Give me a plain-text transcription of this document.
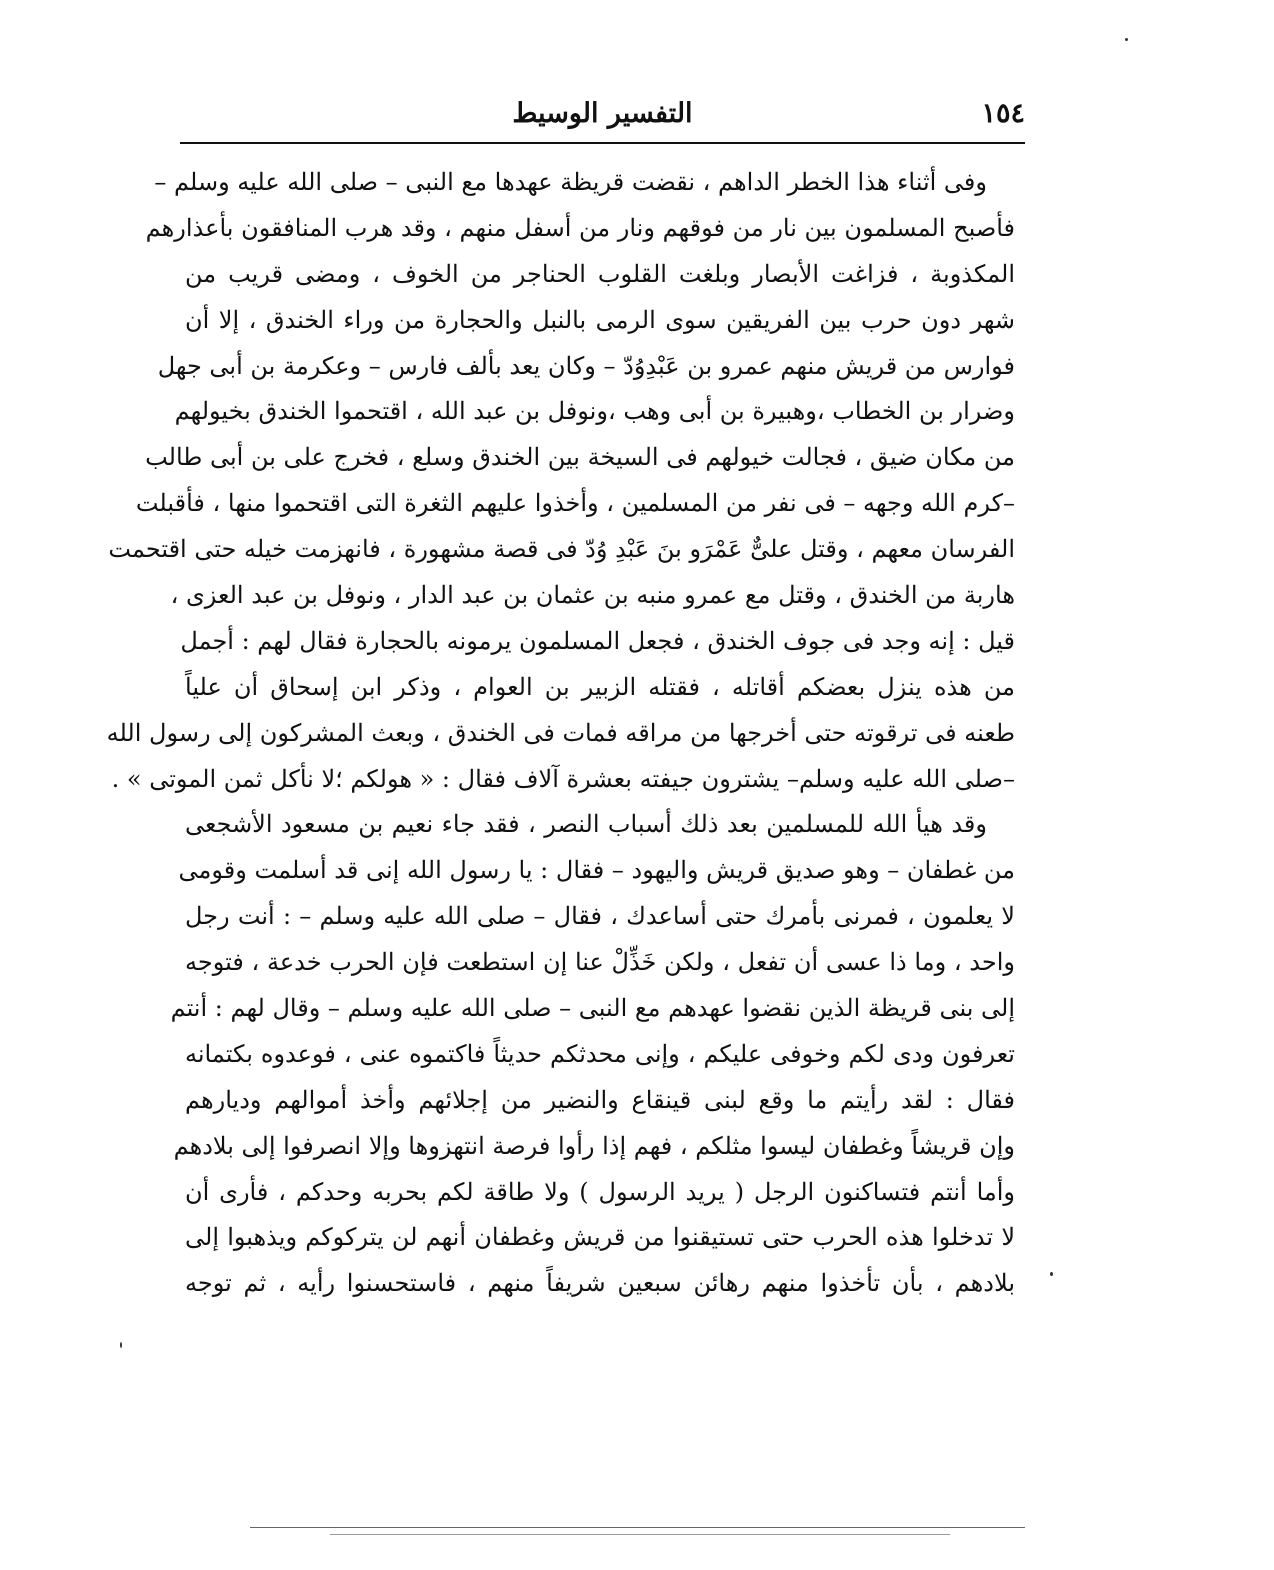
١٥٤
التفسير الوسيط
وفى أثناء هذا الخطر الداهم ، نقضت قريظة عهدها مع النبى – صلى الله عليه وسلم –
فأصبح المسلمون بين نار من فوقهم ونار من أسفل منهم ، وقد هرب المنافقون بأعذارهم
المكذوبة ، فزاغت الأبصار وبلغت القلوب الحناجر من الخوف ، ومضى قريب من
شهر دون حرب بين الفريقين سوى الرمى بالنبل والحجارة من وراء الخندق ، إلا أن
فوارس من قريش منهم عمرو بن عَبْدِوُدّ – وكان يعد بألف فارس – وعكرمة بن أبى جهل
وضرار بن الخطاب ،وهبيرة بن أبى وهب ،ونوفل بن عبد الله ، اقتحموا الخندق بخيولهم
من مكان ضيق ، فجالت خيولهم فى السيخة بين الخندق وسلع ، فخرج على بن أبى طالب
–كرم الله وجهه – فى نفر من المسلمين ، وأخذوا عليهم الثغرة التى اقتحموا منها ، فأقبلت
الفرسان معهم ، وقتل علىٌّ عَمْرَو بنَ عَبْدِ وُدّ فى قصة مشهورة ، فانهزمت خيله حتى اقتحمت
هاربة من الخندق ، وقتل مع عمرو منبه بن عثمان بن عبد الدار ، ونوفل بن عبد العزى ،
قيل : إنه وجد فى جوف الخندق ، فجعل المسلمون يرمونه بالحجارة فقال لهم : أجمل
من هذه ينزل بعضكم أقاتله ، فقتله الزبير بن العوام ، وذكر ابن إسحاق أن علياً
طعنه فى ترقوته حتى أخرجها من مراقه فمات فى الخندق ، وبعث المشركون إلى رسول الله
–صلى الله عليه وسلم– يشترون جيفته بعشرة آلاف فقال : « هولكم ؛لا نأكل ثمن الموتى » .
وقد هيأ الله للمسلمين بعد ذلك أسباب النصر ، فقد جاء نعيم بن مسعود الأشجعى
من غطفان – وهو صديق قريش واليهود – فقال : يا رسول الله إنى قد أسلمت وقومى
لا يعلمون ، فمرنى بأمرك حتى أساعدك ، فقال – صلى الله عليه وسلم – : أنت رجل
واحد ، وما ذا عسى أن تفعل ، ولكن خَذِّلْ عنا إن استطعت فإن الحرب خدعة ، فتوجه
إلى بنى قريظة الذين نقضوا عهدهم مع النبى – صلى الله عليه وسلم – وقال لهم : أنتم
تعرفون ودى لكم وخوفى عليكم ، وإنى محدثكم حديثاً فاكتموه عنى ، فوعدوه بكتمانه
فقال : لقد رأيتم ما وقع لبنى قينقاع والنضير من إجلائهم وأخذ أموالهم وديارهم
وإن قريشاً وغطفان ليسوا مثلكم ، فهم إذا رأوا فرصة انتهزوها وإلا انصرفوا إلى بلادهم
وأما أنتم فتساكنون الرجل ( يريد الرسول ) ولا طاقة لكم بحربه وحدكم ، فأرى أن
لا تدخلوا هذه الحرب حتى تستيقنوا من قريش وغطفان أنهم لن يتركوكم ويذهبوا إلى
بلادهم ، بأن تأخذوا منهم رهائن سبعين شريفاً منهم ، فاستحسنوا رأيه ، ثم توجه
